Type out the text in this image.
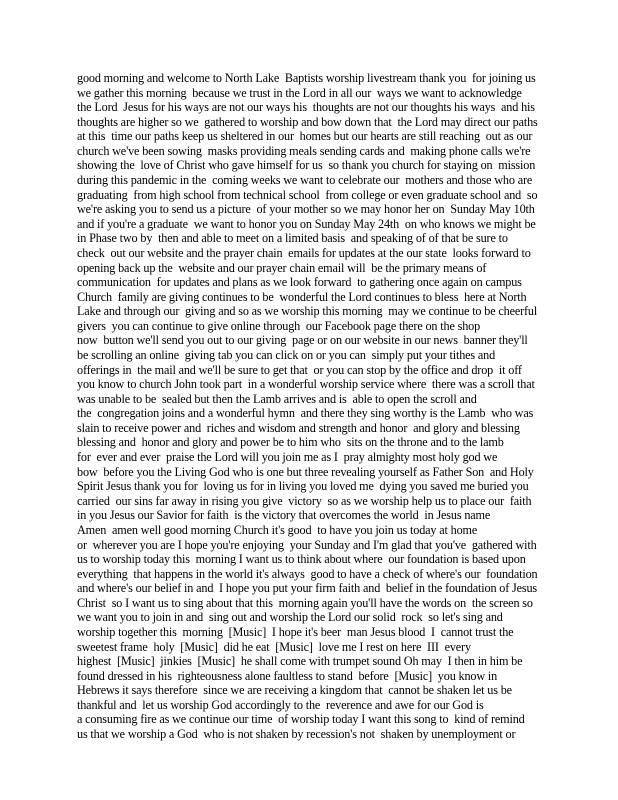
good morning and welcome to North Lake  Baptists worship livestream thank you  for joining us
we gather this morning  because we trust in the Lord in all our  ways we want to acknowledge
the Lord  Jesus for his ways are not our ways his  thoughts are not our thoughts his ways  and his
thoughts are higher so we  gathered to worship and bow down that  the Lord may direct our paths
at this  time our paths keep us sheltered in our  homes but our hearts are still reaching  out as our
church we've been sowing  masks providing meals sending cards and  making phone calls we're
showing the  love of Christ who gave himself for us  so thank you church for staying on  mission
during this pandemic in the  coming weeks we want to celebrate our  mothers and those who are
graduating  from high school from technical school  from college or even graduate school and  so
we're asking you to send us a picture  of your mother so we may honor her on  Sunday May 10th
and if you're a graduate  we want to honor you on Sunday May 24th  on who knows we might be
in Phase two by  then and able to meet on a limited basis  and speaking of of that be sure to
check  out our website and the prayer chain  emails for updates at the our state  looks forward to
opening back up the  website and our prayer chain email will  be the primary means of
communication  for updates and plans as we look forward  to gathering once again on campus
Church  family are giving continues to be  wonderful the Lord continues to bless  here at North
Lake and through our  giving and so as we worship this morning  may we continue to be cheerful
givers  you can continue to give online through  our Facebook page there on the shop
now  button we'll send you out to our giving  page or on our website in our news  banner they'll
be scrolling an online  giving tab you can click on or you can  simply put your tithes and
offerings in  the mail and we'll be sure to get that  or you can stop by the office and drop  it off
you know to church John took part  in a wonderful worship service where  there was a scroll that
was unable to be  sealed but then the Lamb arrives and is  able to open the scroll and
the  congregation joins and a wonderful hymn  and there they sing worthy is the Lamb  who was
slain to receive power and  riches and wisdom and strength and honor  and glory and blessing
blessing and  honor and glory and power be to him who  sits on the throne and to the lamb
for  ever and ever  praise the Lord will you join me as I  pray almighty most holy god we
bow  before you the Living God who is one but three revealing yourself as Father Son  and Holy
Spirit Jesus thank you for  loving us for in living you loved me  dying you saved me buried you
carried  our sins far away in rising you give  victory  so as we worship help us to place our  faith
in you Jesus our Savior for faith  is the victory that overcomes the world  in Jesus name
Amen  amen well good morning Church it's good  to have you join us today at home
or  wherever you are I hope you're enjoying  your Sunday and I'm glad that you've  gathered with
us to worship today this  morning I want us to think about where  our foundation is based upon
everything  that happens in the world it's always  good to have a check of where's our  foundation
and where's our belief in and  I hope you put your firm faith and  belief in the foundation of Jesus
Christ  so I want us to sing about that this  morning again you'll have the words on  the screen so
we want you to join in and  sing out and worship the Lord our solid  rock  so let's sing and
worship together this  morning  [Music]  I hope it's beer  man Jesus blood  I  cannot trust the
sweetest frame  holy  [Music]  did he eat  [Music]  love me I rest on here  III  every
highest  [Music]  jinkies  [Music]  he shall come with trumpet sound Oh may  I then in him be
found dressed in his  righteousness alone faultless to stand  before  [Music]  you know in
Hebrews it says therefore  since we are receiving a kingdom that  cannot be shaken let us be
thankful and  let us worship God accordingly to the  reverence and awe for our God is
a consuming fire as we continue our time  of worship today I want this song to  kind of remind
us that we worship a God  who is not shaken by recession's not  shaken by unemployment or
